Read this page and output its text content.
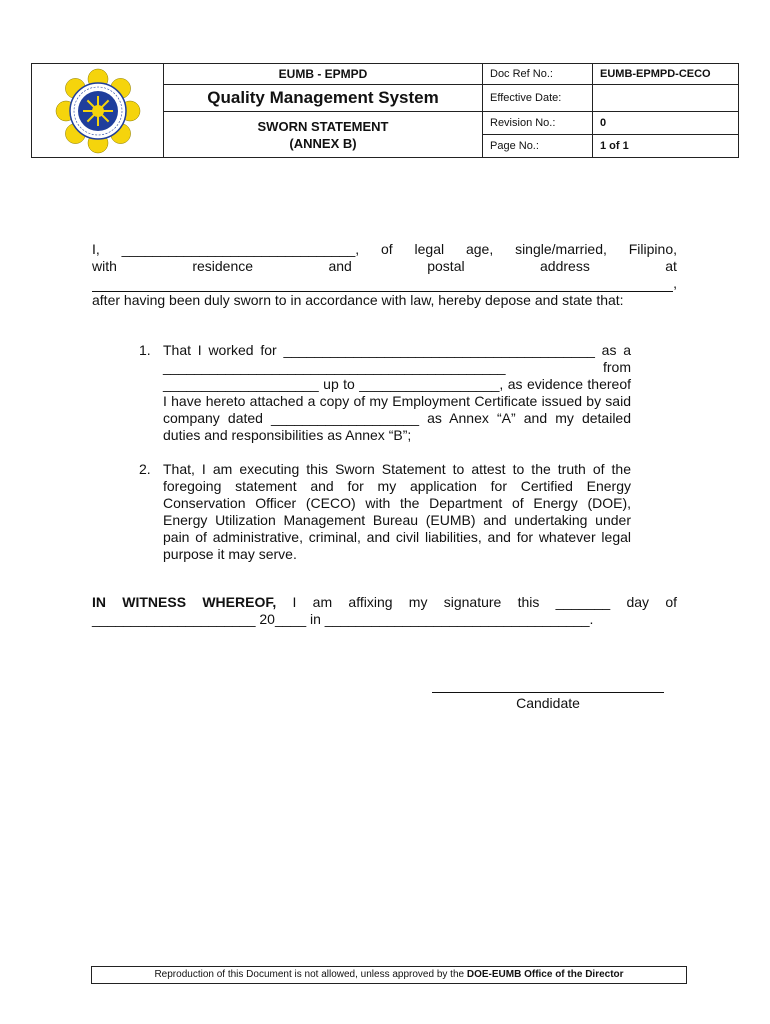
	EUMB - EPMPD	Doc Ref No.:	EUMB-EPMPD-CECO
	Quality Management System	Effective Date:	

	SWORN STATEMENT
(ANNEX B)	Revision No.:	0
		Page No.:	1 of 1
I, ______________________________, of legal age, single/married, Filipino,
with	residence	and	postal	address	at
,
after having been duly sworn to in accordance with law, hereby depose and state that:
1. That I worked for ________________________________________ as a ____________________________________________ from ____________________ up to __________________, as evidence thereof I have hereto attached a copy of my Employment Certificate issued by said company dated ___________________ as Annex “A” and my detailed duties and responsibilities as Annex “B”;
2. That, I am executing this Sworn Statement to attest to the truth of the foregoing statement and for my application for Certified Energy Conservation Officer (CECO) with the Department of Energy (DOE), Energy Utilization Management Bureau (EUMB) and undertaking under pain of administrative, criminal, and civil liabilities, and for whatever legal purpose it may serve.
IN WITNESS WHEREOF, I am affixing my signature this _______ day of
_____________________ 20____ in __________________________________.
Candidate
Reproduction of this Document is not allowed, unless approved by the DOE-EUMB Office of the Director
